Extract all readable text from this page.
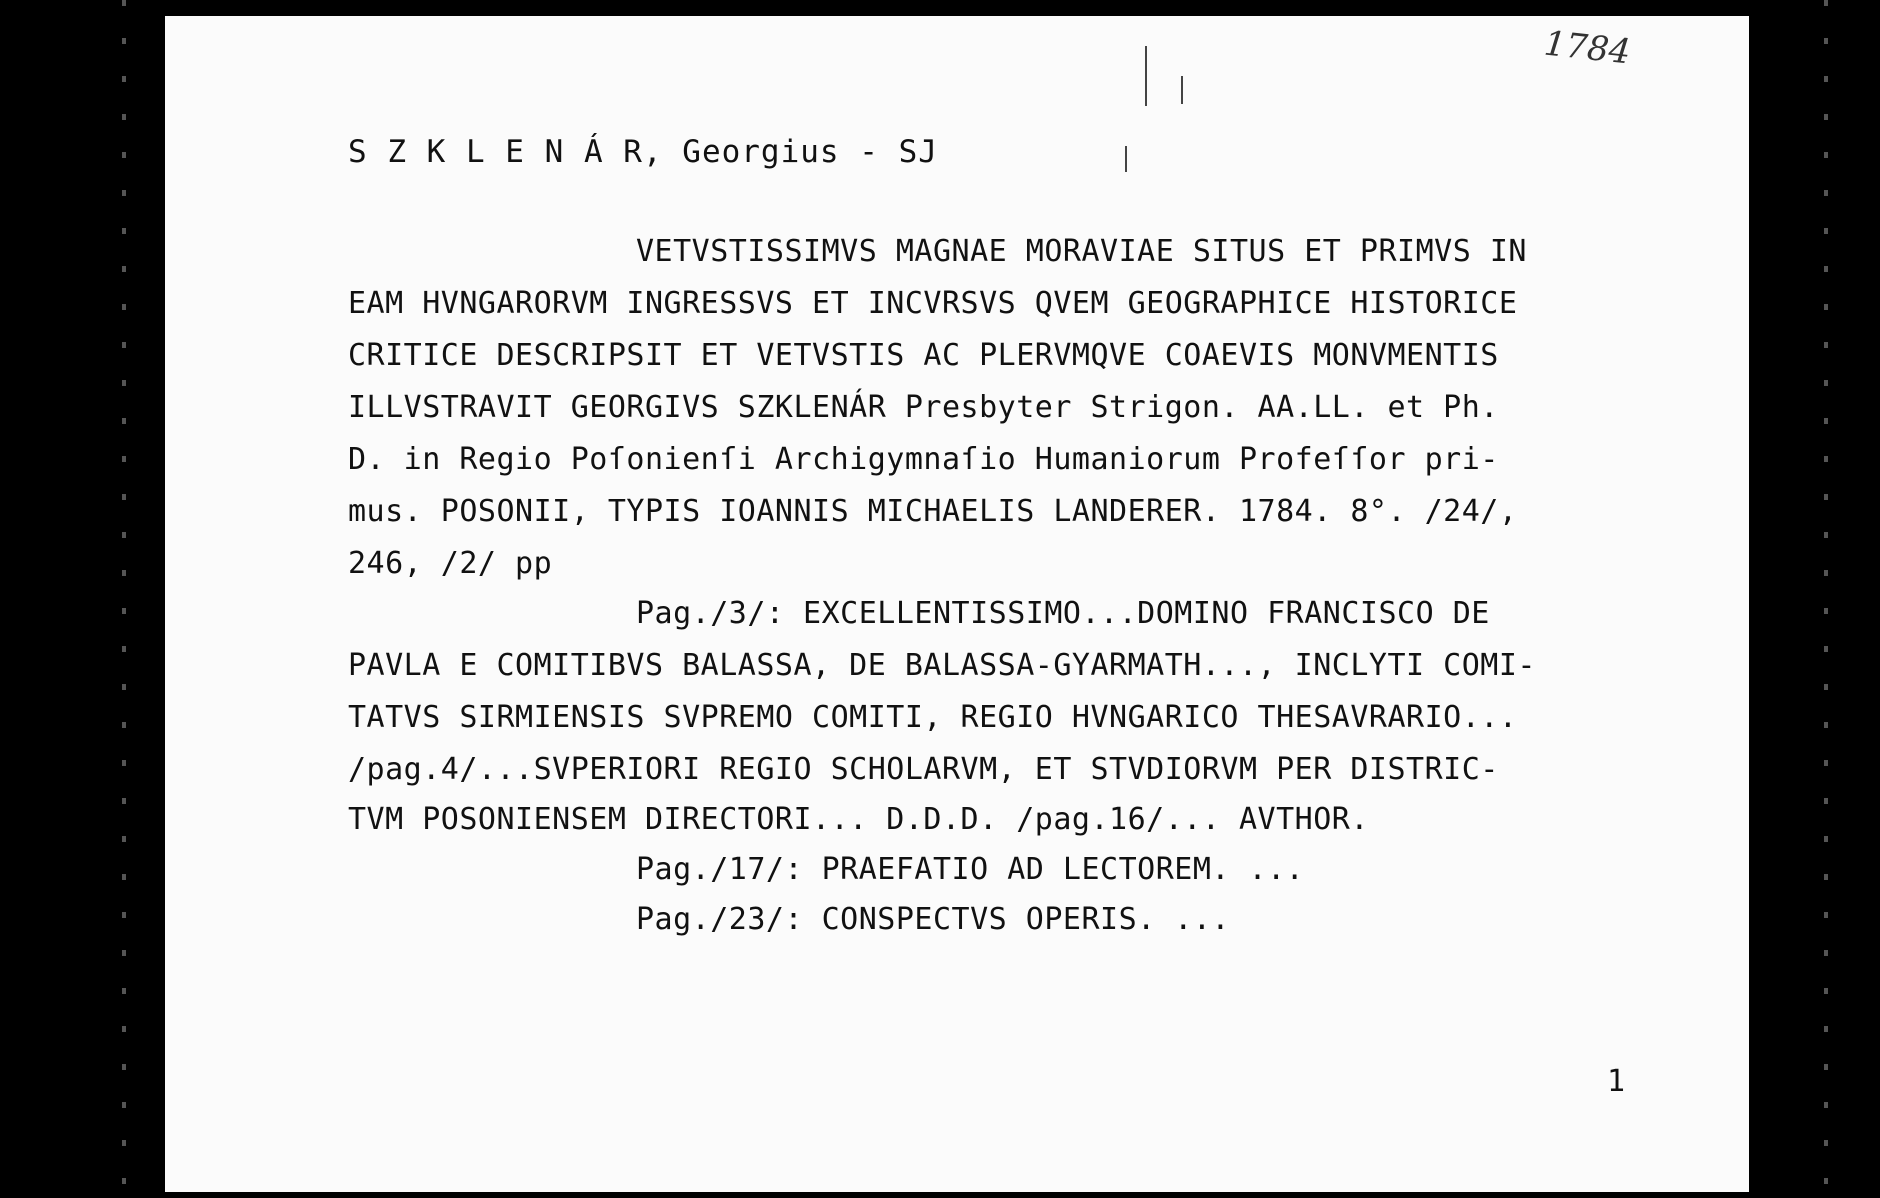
1784
S Z K L E N Á R, Georgius - SJ
VETVSTISSIMVS MAGNAE MORAVIAE SITUS ET PRIMVS IN
EAM HVNGARORVM INGRESSVS ET INCVRSVS QVEM GEOGRAPHICE HISTORICE
CRITICE DESCRIPSIT ET VETVSTIS AC PLERVMQVE COAEVIS MONVMENTIS
ILLVSTRAVIT GEORGIVS SZKLENÁR Presbyter Strigon. AA.LL. et Ph.
D. in Regio Poſonienſi Archigymnaſio Humaniorum Profeſſor pri-
mus. POSONII, TYPIS IOANNIS MICHAELIS LANDERER. 1784. 8°. /24/,
246, /2/ pp
Pag./3/: EXCELLENTISSIMO...DOMINO FRANCISCO DE
PAVLA E COMITIBVS BALASSA, DE BALASSA-GYARMATH..., INCLYTI COMI-
TATVS SIRMIENSIS SVPREMO COMITI, REGIO HVNGARICO THESAVRARIO...
/pag.4/...SVPERIORI REGIO SCHOLARVM, ET STVDIORVM PER DISTRIC-
TVM POSONIENSEM DIRECTORI... D.D.D. /pag.16/... AVTHOR.
Pag./17/: PRAEFATIO AD LECTOREM. ...
Pag./23/: CONSPECTVS OPERIS. ...
1
